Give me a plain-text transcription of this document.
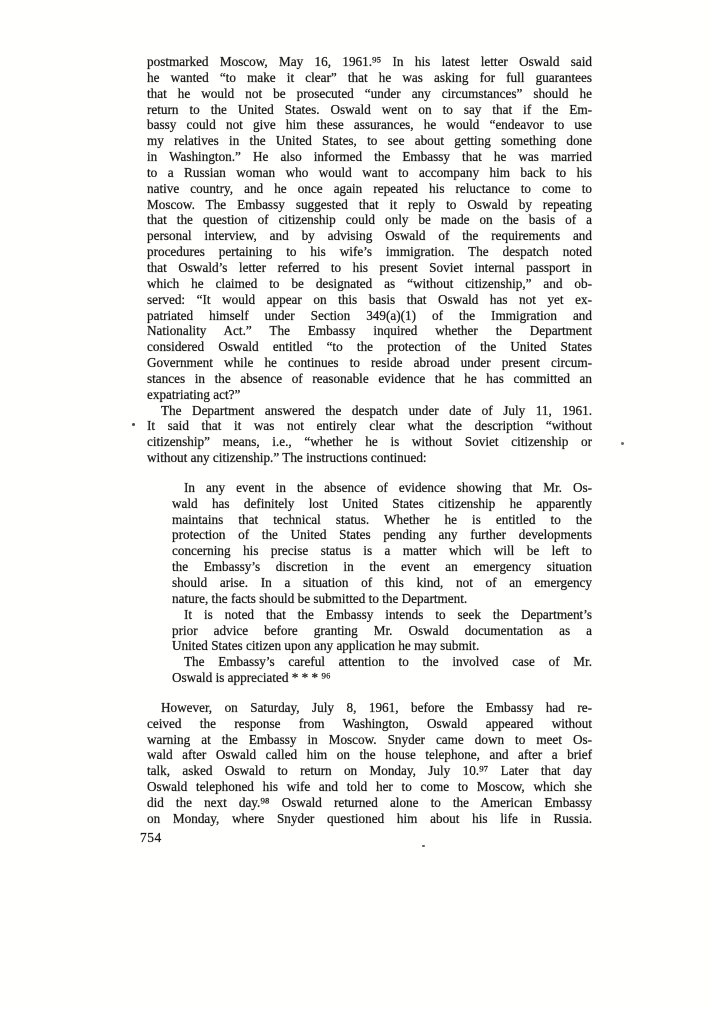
postmarked Moscow, May 16, 1961.⁹⁵ In his latest letter Oswald said
he wanted “to make it clear” that he was asking for full guarantees
that he would not be prosecuted “under any circumstances” should he
return to the United States. Oswald went on to say that if the Em-
bassy could not give him these assurances, he would “endeavor to use
my relatives in the United States, to see about getting something done
in Washington.” He also informed the Embassy that he was married
to a Russian woman who would want to accompany him back to his
native country, and he once again repeated his reluctance to come to
Moscow. The Embassy suggested that it reply to Oswald by repeating
that the question of citizenship could only be made on the basis of a
personal interview, and by advising Oswald of the requirements and
procedures pertaining to his wife’s immigration. The despatch noted
that Oswald’s letter referred to his present Soviet internal passport in
which he claimed to be designated as “without citizenship,” and ob-
served: “It would appear on this basis that Oswald has not yet ex-
patriated himself under Section 349(a)(1) of the Immigration and
Nationality Act.” The Embassy inquired whether the Department
considered Oswald entitled “to the protection of the United States
Government while he continues to reside abroad under present circum-
stances in the absence of reasonable evidence that he has committed an
expatriating act?”
The Department answered the despatch under date of July 11, 1961.
It said that it was not entirely clear what the description “without
citizenship” means, i.e., “whether he is without Soviet citizenship or
without any citizenship.” The instructions continued:
In any event in the absence of evidence showing that Mr. Os-
wald has definitely lost United States citizenship he apparently
maintains that technical status. Whether he is entitled to the
protection of the United States pending any further developments
concerning his precise status is a matter which will be left to
the Embassy’s discretion in the event an emergency situation
should arise. In a situation of this kind, not of an emergency
nature, the facts should be submitted to the Department.
It is noted that the Embassy intends to seek the Department’s
prior advice before granting Mr. Oswald documentation as a
United States citizen upon any application he may submit.
The Embassy’s careful attention to the involved case of Mr.
Oswald is appreciated * * * ⁹⁶
However, on Saturday, July 8, 1961, before the Embassy had re-
ceived the response from Washington, Oswald appeared without
warning at the Embassy in Moscow. Snyder came down to meet Os-
wald after Oswald called him on the house telephone, and after a brief
talk, asked Oswald to return on Monday, July 10.⁹⁷ Later that day
Oswald telephoned his wife and told her to come to Moscow, which she
did the next day.⁹⁸ Oswald returned alone to the American Embassy
on Monday, where Snyder questioned him about his life in Russia.
754
